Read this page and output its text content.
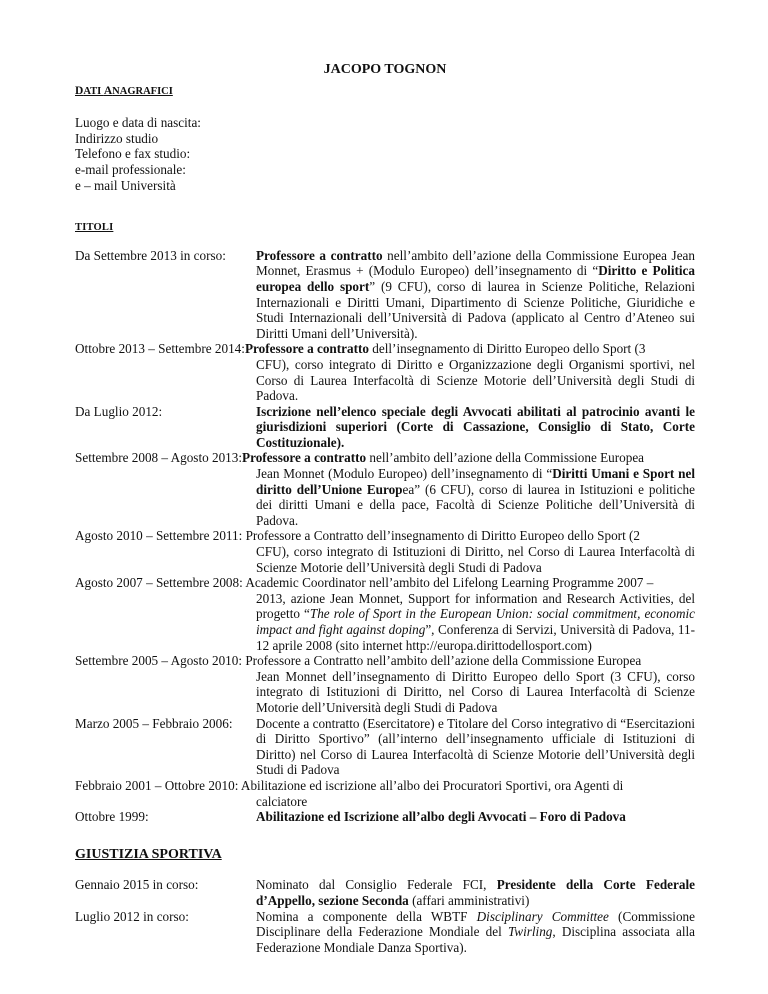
JACOPO TOGNON
DATI ANAGRAFICI
Luogo e data di nascita:
Indirizzo studio
Telefono e fax studio:
e-mail professionale:
e – mail Università
TITOLI
Da Settembre 2013 in corso:	Professore a contratto nell’ambito dell’azione della Commissione Europea Jean Monnet, Erasmus + (Modulo Europeo) dell’insegnamento di “Diritto e Politica europea dello sport” (9 CFU), corso di laurea in Scienze Politiche, Relazioni Internazionali e Diritti Umani, Dipartimento di Scienze Politiche, Giuridiche e Studi Internazionali dell’Università di Padova (applicato al Centro d’Ateneo sui Diritti Umani dell’Università).
Ottobre 2013 – Settembre 2014:Professore a contratto dell’insegnamento di Diritto Europeo dello Sport (3
CFU), corso integrato di Diritto e Organizzazione degli Organismi sportivi, nel Corso di Laurea Interfacoltà di Scienze Motorie dell’Università degli Studi di Padova.
Da Luglio 2012:	Iscrizione nell’elenco speciale degli Avvocati abilitati al patrocinio avanti le giurisdizioni superiori (Corte di Cassazione, Consiglio di Stato, Corte Costituzionale).
Settembre 2008 – Agosto 2013:Professore a contratto nell’ambito dell’azione della Commissione Europea
Jean Monnet (Modulo Europeo) dell’insegnamento di “Diritti Umani e Sport nel diritto dell’Unione Europea” (6 CFU), corso di laurea in Istituzioni e politiche dei diritti Umani e della pace, Facoltà di Scienze Politiche dell’Università di Padova.
Agosto 2010 – Settembre 2011: Professore a Contratto dell’insegnamento di Diritto Europeo dello Sport (2
CFU), corso integrato di Istituzioni di Diritto, nel Corso di Laurea Interfacoltà di Scienze Motorie dell’Università degli Studi di Padova
Agosto 2007 – Settembre 2008: Academic Coordinator nell’ambito del Lifelong Learning Programme 2007 –
2013, azione Jean Monnet, Support for information and Research Activities, del progetto “The role of Sport in the European Union: social commitment, economic impact and fight against doping”, Conferenza di Servizi, Università di Padova, 11-12 aprile 2008 (sito internet http://europa.dirittodellosport.com)
Settembre 2005 – Agosto 2010: Professore a Contratto nell’ambito dell’azione della Commissione Europea
Jean Monnet dell’insegnamento di Diritto Europeo dello Sport (3 CFU), corso integrato di Istituzioni di Diritto, nel Corso di Laurea Interfacoltà di Scienze Motorie dell’Università degli Studi di Padova
Marzo 2005 – Febbraio 2006:	Docente a contratto (Esercitatore) e Titolare del Corso integrativo di “Esercitazioni di Diritto Sportivo” (all’interno dell’insegnamento ufficiale di Istituzioni di Diritto) nel Corso di Laurea Interfacoltà di Scienze Motorie dell’Università degli Studi di Padova
Febbraio 2001 – Ottobre 2010: Abilitazione ed iscrizione all’albo dei Procuratori Sportivi, ora Agenti di
calciatore
Ottobre 1999:	Abilitazione ed Iscrizione all’albo degli Avvocati – Foro di Padova
GIUSTIZIA SPORTIVA
Gennaio 2015 in corso:	Nominato dal Consiglio Federale FCI, Presidente della Corte Federale d’Appello, sezione Seconda (affari amministrativi)
Luglio 2012 in corso:	Nomina a componente della WBTF Disciplinary Committee (Commissione Disciplinare della Federazione Mondiale del Twirling, Disciplina associata alla Federazione Mondiale Danza Sportiva).
